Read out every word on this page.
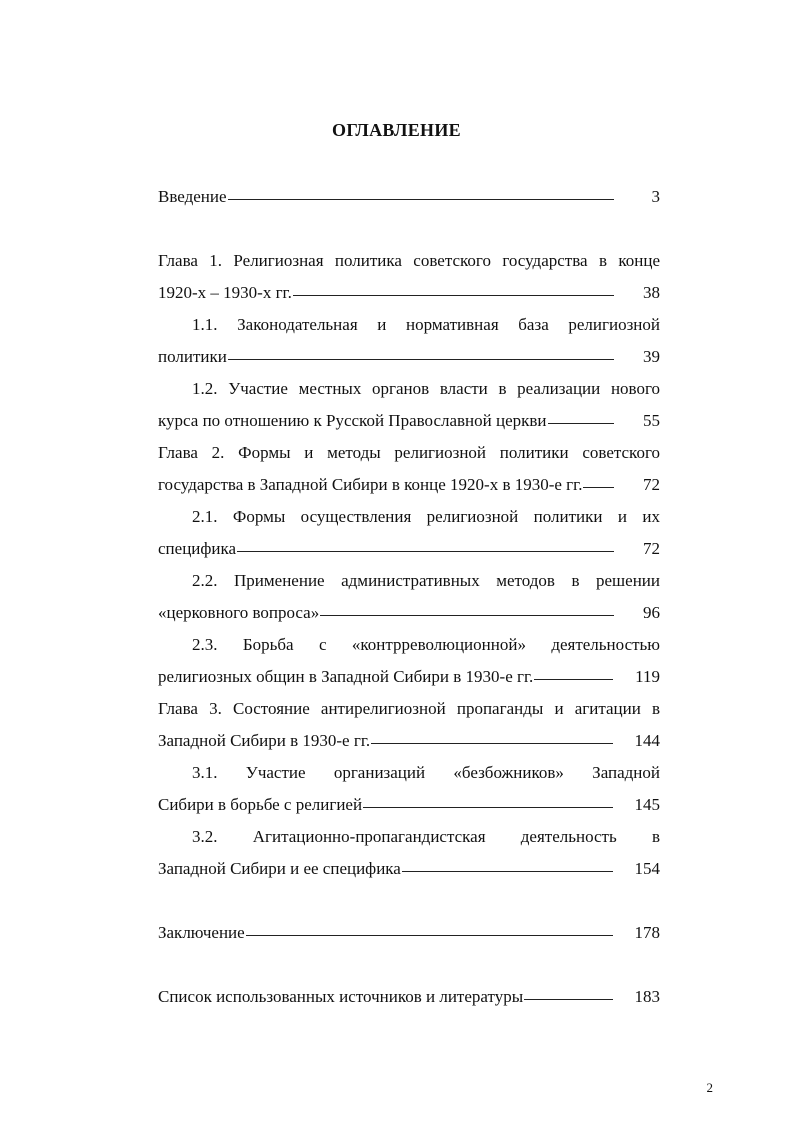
ОГЛАВЛЕНИЕ
Введение	3
Глава 1. Религиозная политика советского государства в конце
1920-х – 1930-х гг.	38
1.1. Законодательная и нормативная база религиозной
политики	39
1.2. Участие местных органов власти в реализации нового
курса по отношению к Русской Православной церкви	55
Глава 2. Формы и методы религиозной политики советского
государства в Западной Сибири в конце 1920-х в 1930-е гг.	72
2.1. Формы осуществления религиозной политики и их
специфика	72
2.2. Применение административных методов в решении
«церковного вопроса»	96
2.3. Борьба с «контрреволюционной» деятельностью
религиозных общин в Западной Сибири в 1930-е гг.	119
Глава 3. Состояние антирелигиозной пропаганды и агитации в
Западной Сибири в 1930-е гг.	144
3.1. Участие организаций «безбожников» Западной
Сибири в борьбе с религией	145
3.2. Агитационно-пропагандистская деятельность в
Западной Сибири и ее специфика	154
Заключение	178
Список использованных источников и литературы	183
2
